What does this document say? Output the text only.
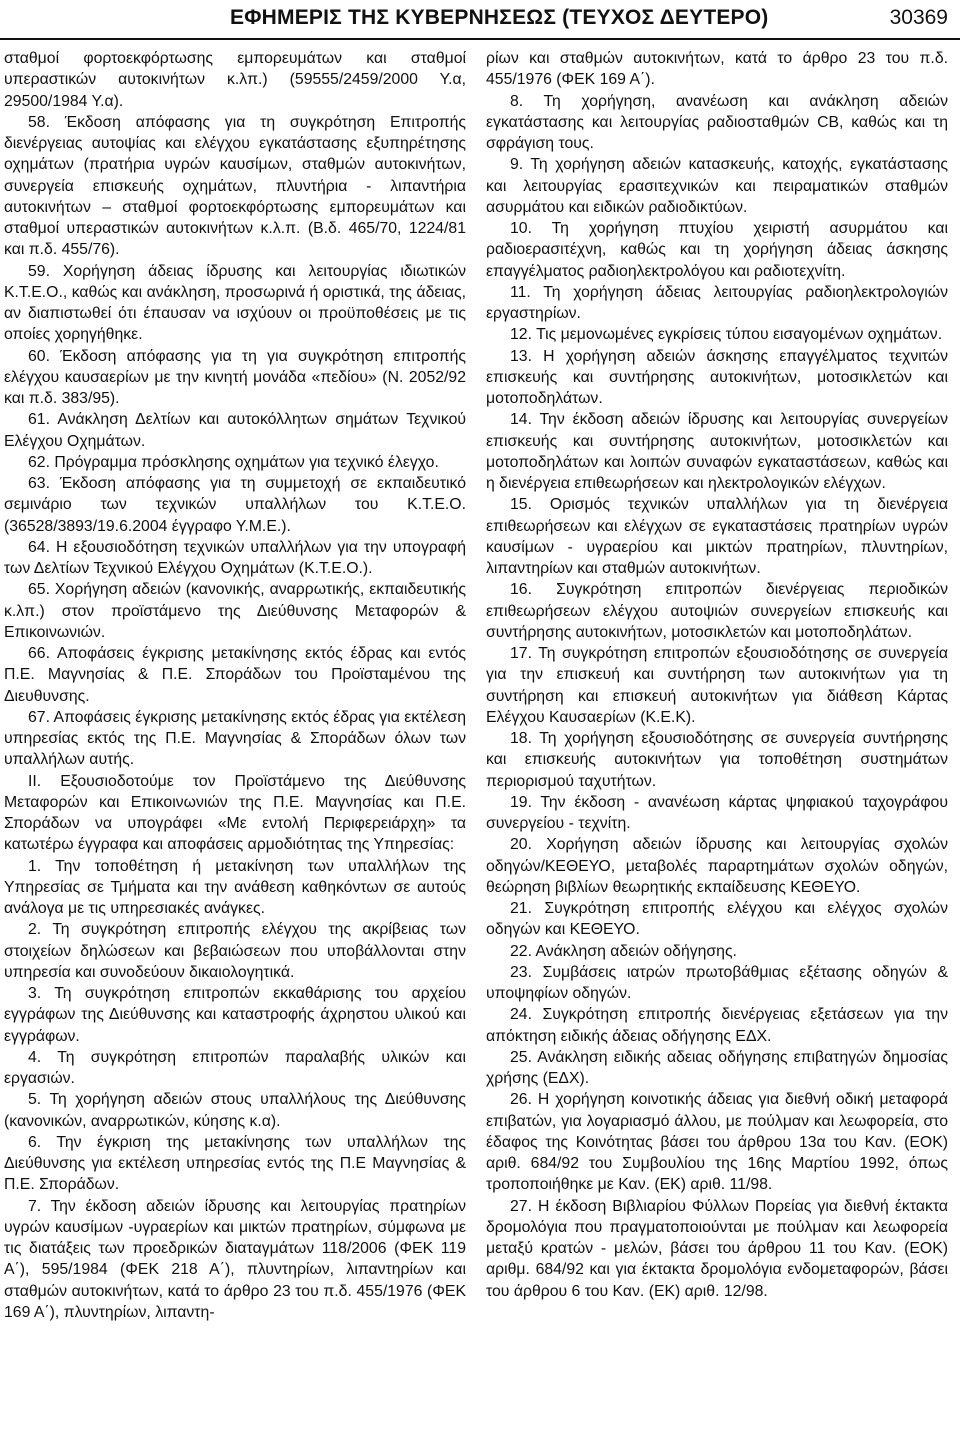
ΕΦΗΜΕΡΙΣ ΤΗΣ ΚΥΒΕΡΝΗΣΕΩΣ (ΤΕΥΧΟΣ ΔΕΥΤΕΡΟ)	30369

σταθμοί φορτοεκφόρτωσης εμπορευμάτων και σταθμοί υπεραστικών αυτοκινήτων κ.λπ.) (59555/2459/2000 Υ.α, 29500/1984 Υ.α).

58. Έκδοση απόφασης για τη συγκρότηση Επιτροπής διενέργειας αυτοψίας και ελέγχου εγκατάστασης εξυπηρέτησης οχημάτων (πρατήρια υγρών καυσίμων, σταθμών αυτοκινήτων, συνεργεία επισκευής οχημάτων, πλυντήρια - λιπαντήρια αυτοκινήτων – σταθμοί φορτοεκφόρτωσης εμπορευμάτων και σταθμοί υπεραστικών αυτοκινήτων κ.λ.π. (Β.δ. 465/70, 1224/81 και π.δ. 455/76).

59. Χορήγηση άδειας ίδρυσης και λειτουργίας ιδιωτικών Κ.Τ.Ε.Ο., καθώς και ανάκληση, προσωρινά ή οριστικά, της άδειας, αν διαπιστωθεί ότι έπαυσαν να ισχύουν οι προϋποθέσεις με τις οποίες χορηγήθηκε.

60. Έκδοση απόφασης για τη για συγκρότηση επιτροπής ελέγχου καυσαερίων με την κινητή μονάδα «πεδίου» (Ν. 2052/92 και π.δ. 383/95).

61. Ανάκληση Δελτίων και αυτοκόλλητων σημάτων Τεχνικού Ελέγχου Οχημάτων.

62. Πρόγραμμα πρόσκλησης οχημάτων για τεχνικό έλεγχο.

63. Έκδοση απόφασης για τη συμμετοχή σε εκπαιδευτικό σεμινάριο των τεχνικών υπαλλήλων του Κ.Τ.Ε.Ο. (36528/3893/19.6.2004 έγγραφο Υ.Μ.Ε.).

64. Η εξουσιοδότηση τεχνικών υπαλλήλων για την υπογραφή των Δελτίων Τεχνικού Ελέγχου Οχημάτων (Κ.Τ.Ε.Ο.).

65. Χορήγηση αδειών (κανονικής, αναρρωτικής, εκπαιδευτικής κ.λπ.) στον προϊστάμενο της Διεύθυνσης Μεταφορών & Επικοινωνιών.

66. Αποφάσεις έγκρισης μετακίνησης εκτός έδρας και εντός Π.Ε. Μαγνησίας & Π.Ε. Σποράδων του Προϊσταμένου της Διευθυνσης.

67. Αποφάσεις έγκρισης μετακίνησης εκτός έδρας για εκτέλεση υπηρεσίας εκτός της Π.Ε. Μαγνησίας & Σποράδων όλων των υπαλλήλων αυτής.

ΙΙ. Εξουσιοδοτούμε τον Προϊστάμενο της Διεύθυνσης Μεταφορών και Επικοινωνιών της Π.Ε. Μαγνησίας και Π.Ε. Σποράδων να υπογράφει «Με εντολή Περιφερειάρχη» τα κατωτέρω έγγραφα και αποφάσεις αρμοδιότητας της Υπηρεσίας:

1. Την τοποθέτηση ή μετακίνηση των υπαλλήλων της Υπηρεσίας σε Τμήματα και την ανάθεση καθηκόντων σε αυτούς ανάλογα με τις υπηρεσιακές ανάγκες.

2. Τη συγκρότηση επιτροπής ελέγχου της ακρίβειας των στοιχείων δηλώσεων και βεβαιώσεων που υποβάλλονται στην υπηρεσία και συνοδεύουν δικαιολογητικά.

3. Τη συγκρότηση επιτροπών εκκαθάρισης του αρχείου εγγράφων της Διεύθυνσης και καταστροφής άχρηστου υλικού και εγγράφων.

4. Τη συγκρότηση επιτροπών παραλαβής υλικών και εργασιών.

5. Τη χορήγηση αδειών στους υπαλλήλους της Διεύθυνσης (κανονικών, αναρρωτικών, κύησης κ.α).

6. Την έγκριση της μετακίνησης των υπαλλήλων της Διεύθυνσης για εκτέλεση υπηρεσίας εντός της Π.Ε Μαγνησίας & Π.Ε. Σποράδων.

7. Την έκδοση αδειών ίδρυσης και λειτουργίας πρατηρίων υγρών καυσίμων -υγραερίων και μικτών πρατηρίων, σύμφωνα με τις διατάξεις των προεδρικών διαταγμάτων 118/2006 (ΦΕΚ 119 Α΄), 595/1984 (ΦΕΚ 218 Α΄), πλυντηρίων, λιπαντηρίων και σταθμών αυτοκινήτων, κατά το άρθρο 23 του π.δ. 455/1976 (ΦΕΚ 169 Α΄), πλυντηρίων, λιπαντη-

ρίων και σταθμών αυτοκινήτων, κατά το άρθρο 23 του π.δ. 455/1976 (ΦΕΚ 169 Α΄).

8. Τη χορήγηση, ανανέωση και ανάκληση αδειών εγκατάστασης και λειτουργίας ραδιοσταθμών CB, καθώς και τη σφράγιση τους.

9. Τη χορήγηση αδειών κατασκευής, κατοχής, εγκατάστασης και λειτουργίας ερασιτεχνικών και πειραματικών σταθμών ασυρμάτου και ειδικών ραδιοδικτύων.

10. Τη χορήγηση πτυχίου χειριστή ασυρμάτου και ραδιοερασιτέχνη, καθώς και τη χορήγηση άδειας άσκησης επαγγέλματος ραδιοηλεκτρολόγου και ραδιοτεχνίτη.

11. Τη χορήγηση άδειας λειτουργίας ραδιοηλεκτρολογιών εργαστηρίων.

12. Τις μεμονωμένες εγκρίσεις τύπου εισαγομένων οχημάτων.

13. Η χορήγηση αδειών άσκησης επαγγέλματος τεχνιτών επισκευής και συντήρησης αυτοκινήτων, μοτοσικλετών και μοτοποδηλάτων.

14. Την έκδοση αδειών ίδρυσης και λειτουργίας συνεργείων επισκευής και συντήρησης αυτοκινήτων, μοτοσικλετών και μοτοποδηλάτων και λοιπών συναφών εγκαταστάσεων, καθώς και η διενέργεια επιθεωρήσεων και ηλεκτρολογικών ελέγχων.

15. Ορισμός τεχνικών υπαλλήλων για τη διενέργεια επιθεωρήσεων και ελέγχων σε εγκαταστάσεις πρατηρίων υγρών καυσίμων - υγραερίου και μικτών πρατηρίων, πλυντηρίων, λιπαντηρίων και σταθμών αυτοκινήτων.

16. Συγκρότηση επιτροπών διενέργειας περιοδικών επιθεωρήσεων ελέγχου αυτοψιών συνεργείων επισκευής και συντήρησης αυτοκινήτων, μοτοσικλετών και μοτοποδηλάτων.

17. Τη συγκρότηση επιτροπών εξουσιοδότησης σε συνεργεία για την επισκευή και συντήρηση των αυτοκινήτων για τη συντήρηση και επισκευή αυτοκινήτων για διάθεση Κάρτας Ελέγχου Καυσαερίων (Κ.Ε.Κ).

18. Τη χορήγηση εξουσιοδότησης σε συνεργεία συντήρησης και επισκευής αυτοκινήτων για τοποθέτηση συστημάτων περιορισμού ταχυτήτων.

19. Την έκδοση - ανανέωση κάρτας ψηφιακού ταχογράφου συνεργείου - τεχνίτη.

20. Χορήγηση αδειών ίδρυσης και λειτουργίας σχολών οδηγών/ΚΕΘΕΥΟ, μεταβολές παραρτημάτων σχολών οδηγών, θεώρηση βιβλίων θεωρητικής εκπαίδευσης ΚΕΘΕΥΟ.

21. Συγκρότηση επιτροπής ελέγχου και ελέγχος σχολών οδηγών και ΚΕΘΕΥΟ.

22. Ανάκληση αδειών οδήγησης.

23. Συμβάσεις ιατρών πρωτοβάθμιας εξέτασης οδηγών & υποψηφίων οδηγών.

24. Συγκρότηση επιτροπής διενέργειας εξετάσεων για την απόκτηση ειδικής άδειας οδήγησης ΕΔΧ.

25. Ανάκληση ειδικής αδειας οδήγησης επιβατηγών δημοσίας χρήσης (ΕΔΧ).

26. Η χορήγηση κοινοτικής άδειας για διεθνή οδική μεταφορά επιβατών, για λογαριασμό άλλου, με πούλμαν και λεωφορεία, στο έδαφος της Κοινότητας βάσει του άρθρου 13α του Καν. (ΕΟΚ) αριθ. 684/92 του Συμβουλίου της 16ης Μαρτίου 1992, όπως τροποποιήθηκε με Καν. (ΕΚ) αριθ. 11/98.

27. Η έκδοση Βιβλιαρίου Φύλλων Πορείας για διεθνή έκτακτα δρομολόγια που πραγματοποιούνται με πούλμαν και λεωφορεία μεταξύ κρατών - μελών, βάσει του άρθρου 11 του Καν. (ΕΟΚ) αριθμ. 684/92 και για έκτακτα δρομολόγια ενδομεταφορών, βάσει του άρθρου 6 του Καν. (ΕΚ) αριθ. 12/98.
